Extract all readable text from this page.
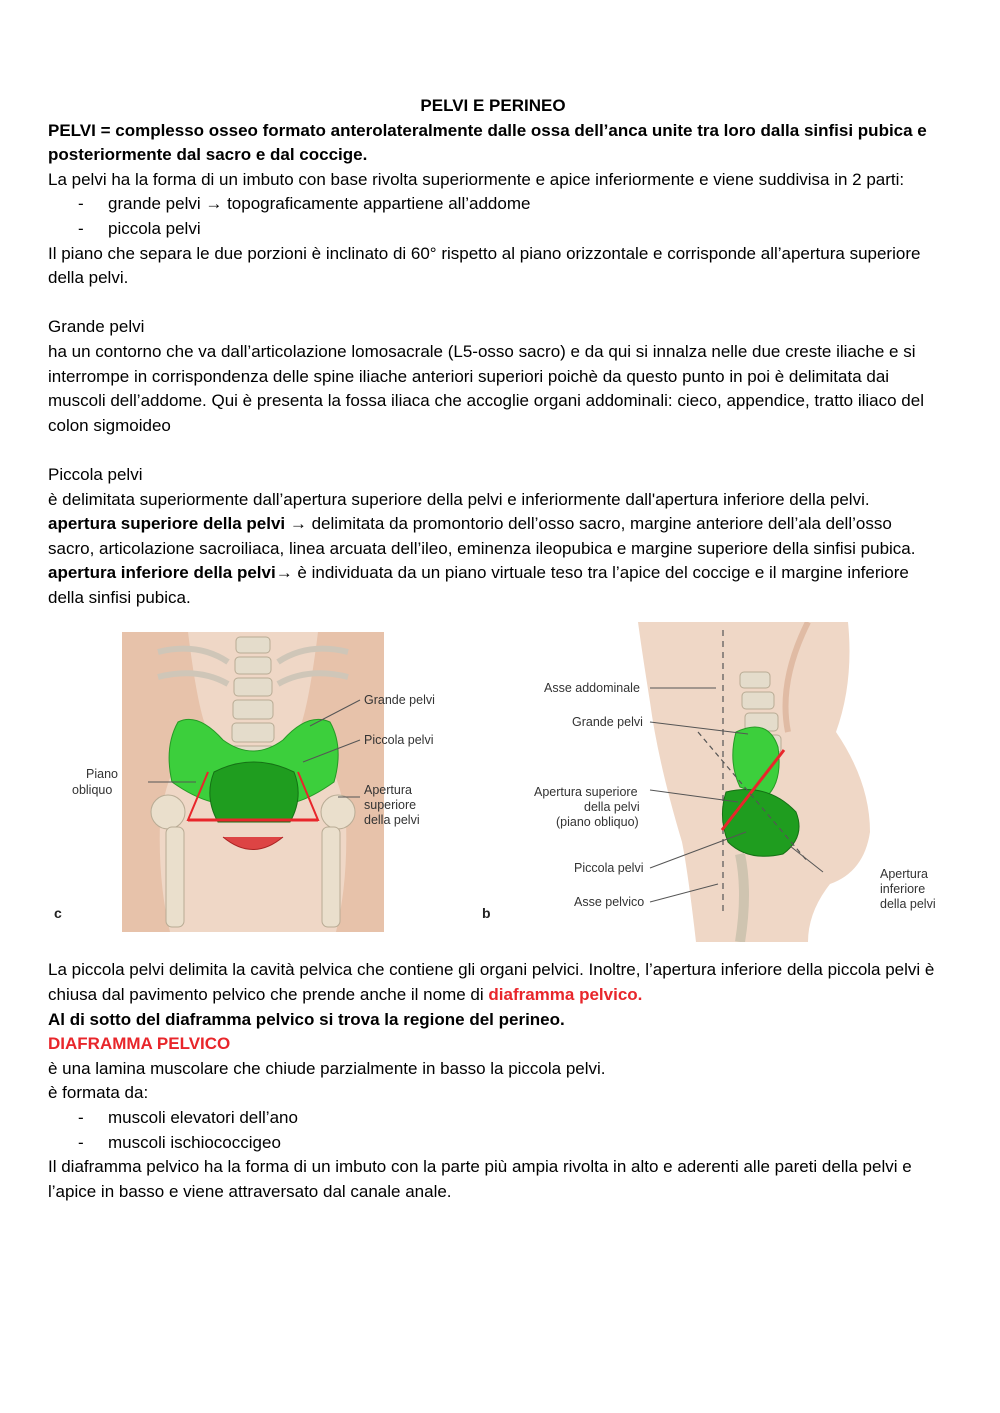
PELVI E PERINEO
PELVI = complesso osseo formato anterolateralmente dalle ossa dell’anca unite tra loro dalla sinfisi pubica e posteriormente dal sacro e dal coccige.
La pelvi ha la forma di un imbuto con base rivolta superiormente e apice inferiormente e viene suddivisa in 2 parti:
-	grande pelvi → topograficamente appartiene all’addome
-	piccola pelvi
Il piano che separa le due porzioni è inclinato di 60° rispetto al piano orizzontale e corrisponde all’apertura superiore della pelvi.
Grande pelvi
ha un contorno che va dall’articolazione lomosacrale (L5-osso sacro) e da qui si innalza nelle due creste iliache e si interrompe in corrispondenza delle spine iliache anteriori superiori poichè da questo punto in poi è delimitata dai muscoli dell’addome. Qui è presenta la fossa iliaca che accoglie organi addominali: cieco, appendice, tratto iliaco del colon sigmoideo
Piccola pelvi
è delimitata superiormente dall’apertura superiore della pelvi e inferiormente dall'apertura inferiore della pelvi.
apertura superiore della pelvi → delimitata da promontorio dell’osso sacro, margine anteriore dell’ala dell’osso sacro, articolazione sacroiliaca, linea arcuata dell’ileo, eminenza ileopubica e margine superiore della sinfisi pubica.
apertura inferiore della pelvi→ è individuata da un piano virtuale teso tra l’apice del coccige e il margine inferiore della sinfisi pubica.
Grande pelvi
Piccola pelvi
Piano
obliquo	Apertura
superiore
della pelvi
c
Asse addominale
Grande pelvi
Apertura superiore
della pelvi
(piano obliquo)
Piccola pelvi
Asse pelvico
Apertura
inferiore
della pelvi
b
La piccola pelvi delimita la cavità pelvica che contiene gli organi pelvici. Inoltre, l’apertura inferiore della piccola pelvi è chiusa dal pavimento pelvico che prende anche il nome di diaframma pelvico.
Al di sotto del diaframma pelvico si trova la regione del perineo.
DIAFRAMMA PELVICO
è una lamina muscolare che chiude parzialmente in basso la piccola pelvi.
è formata da:
-	muscoli elevatori dell’ano
-	muscoli ischiococcigeo
Il diaframma pelvico ha la forma di un imbuto con la parte più ampia rivolta in alto e aderenti alle pareti della pelvi e l’apice in basso e viene attraversato dal canale anale.
